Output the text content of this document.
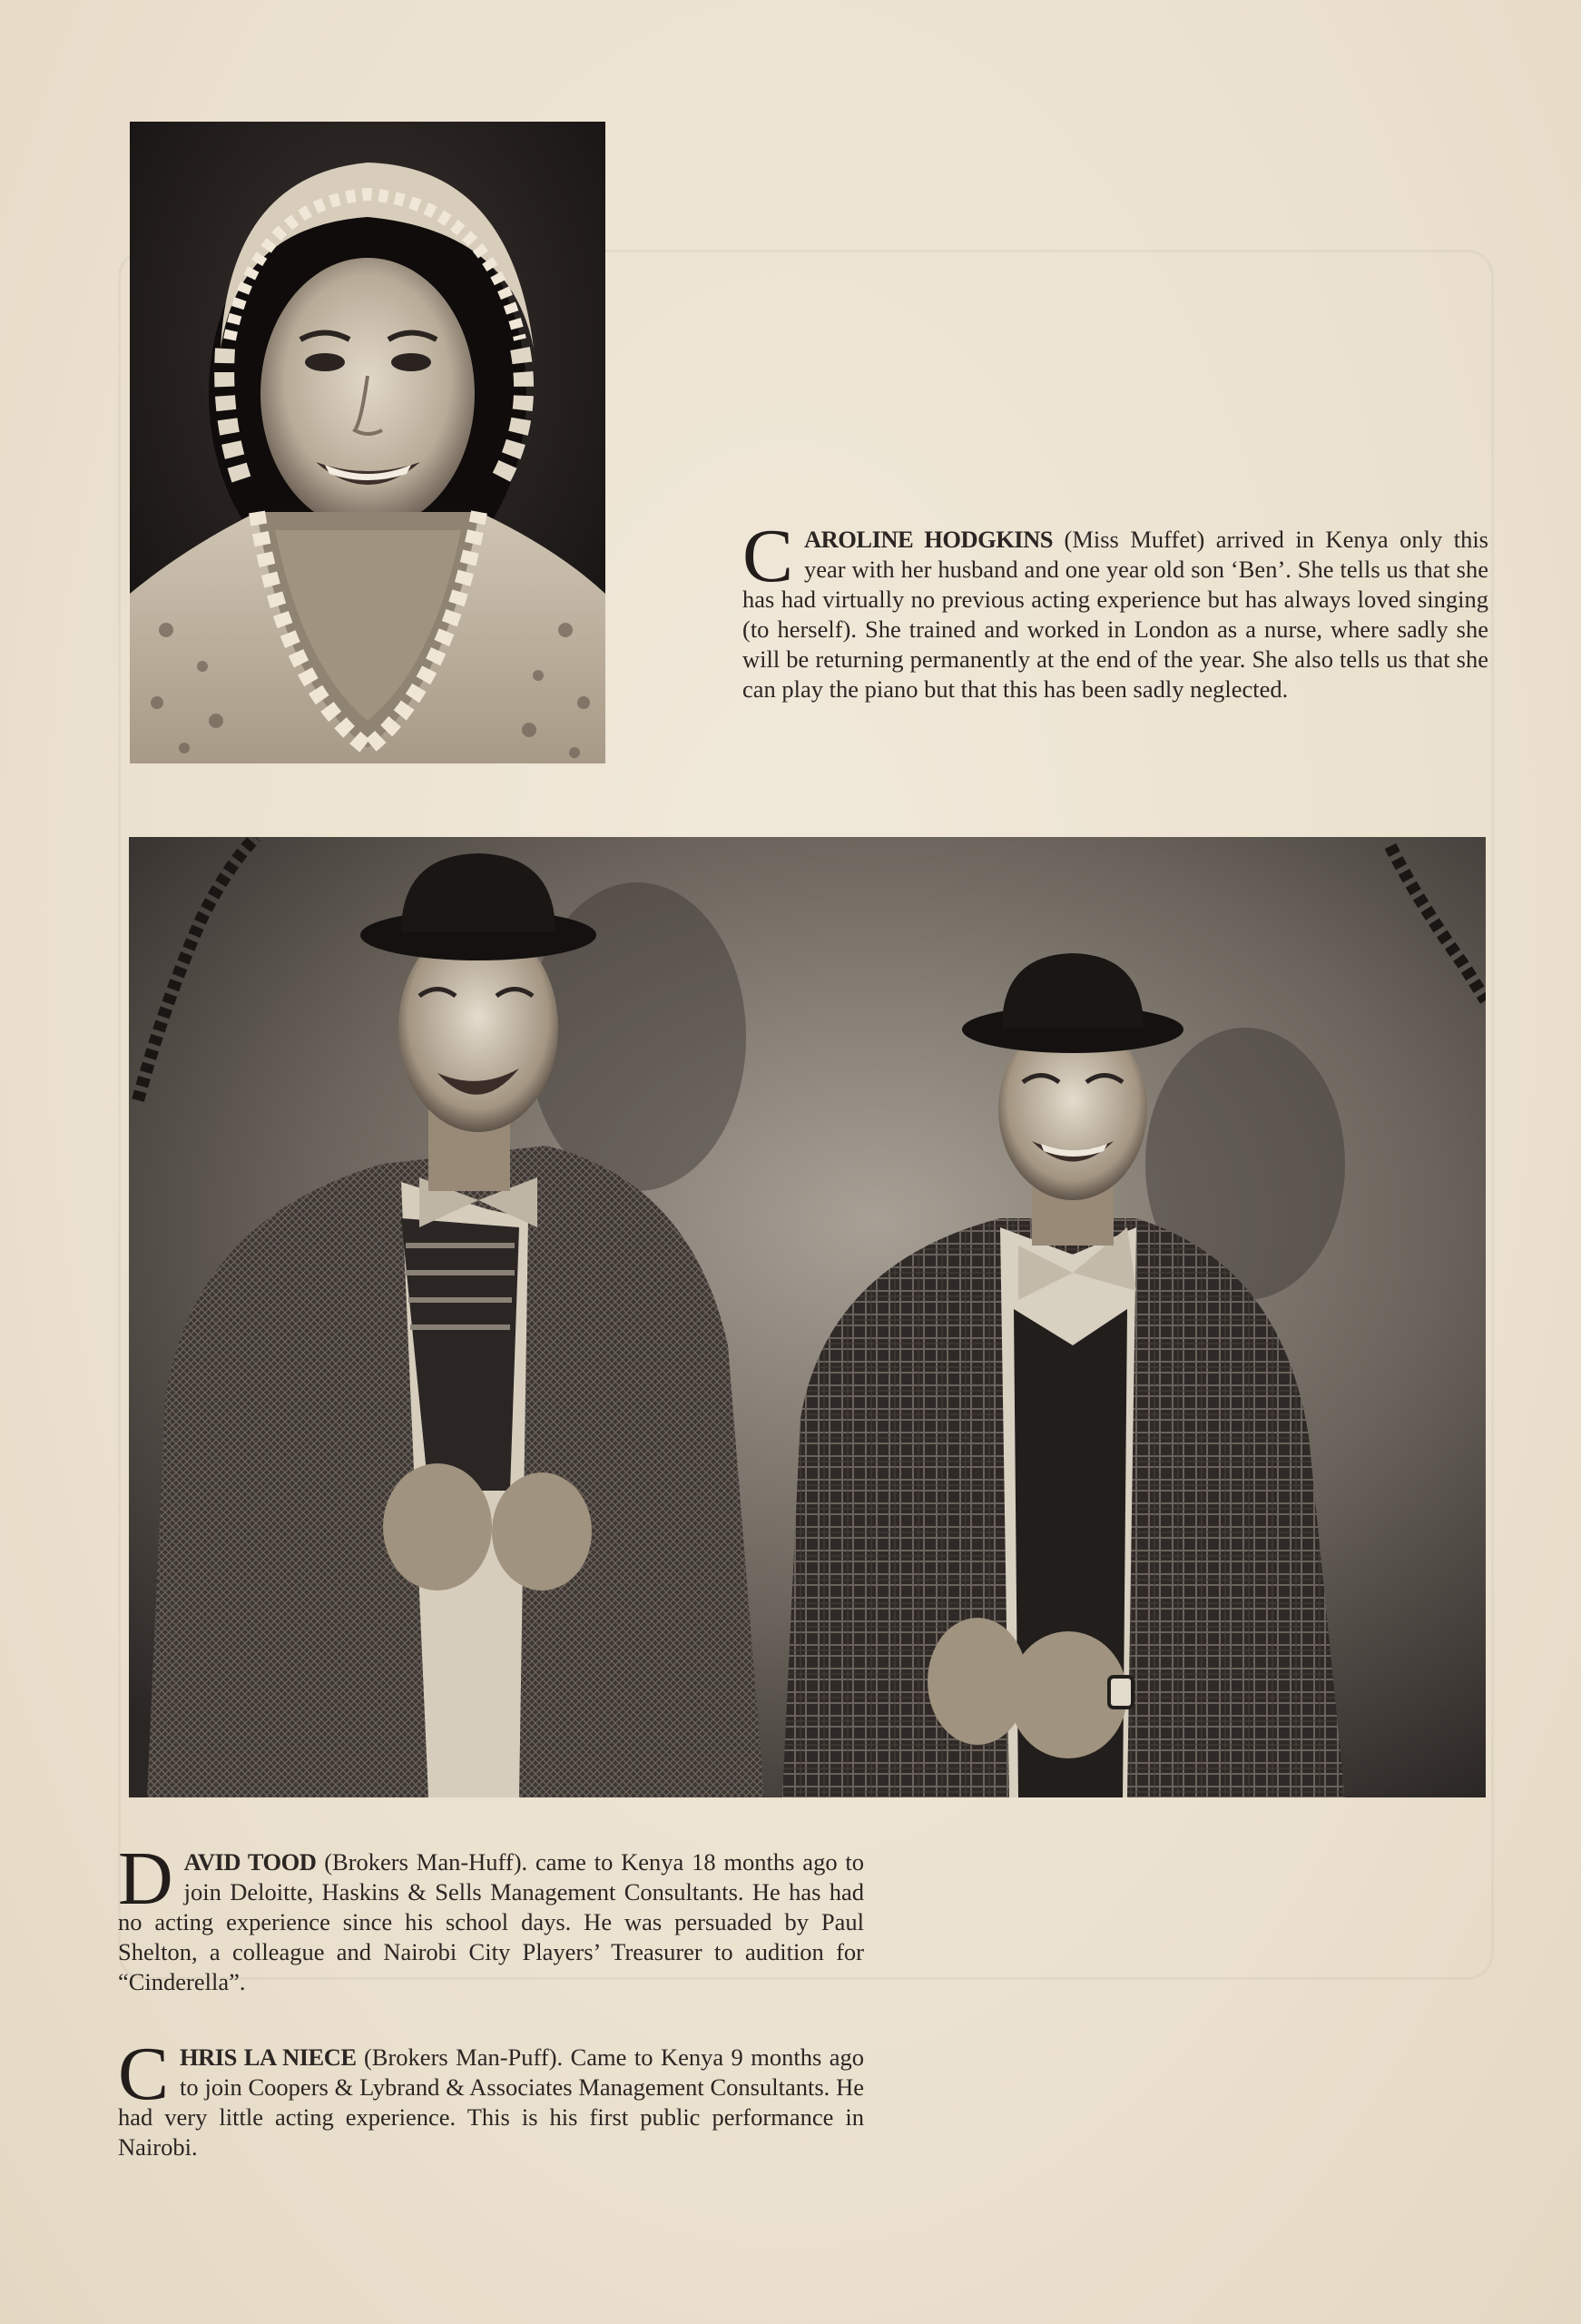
CAROLINE HODGKINS (Miss Muffet) arrived in Kenya only this year with her husband and one year old son ‘Ben’. She tells us that she has had virtually no previous acting experience but has always loved singing (to herself). She trained and worked in London as a nurse, where sadly she will be returning permanently at the end of the year. She also tells us that she can play the piano but that this has been sadly neglected.
DAVID TOOD (Brokers Man-Huff). came to Kenya 18 months ago to join Deloitte, Haskins & Sells Management Consultants. He has had no acting experience since his school days. He was persuaded by Paul Shelton, a colleague and Nairobi City Players’ Treasurer to audition for “Cinderella”.
CHRIS LA NIECE (Brokers Man-Puff). Came to Kenya 9 months ago to join Coopers & Lybrand & Associates Management Consultants. He had very little acting experience. This is his first public performance in Nairobi.
